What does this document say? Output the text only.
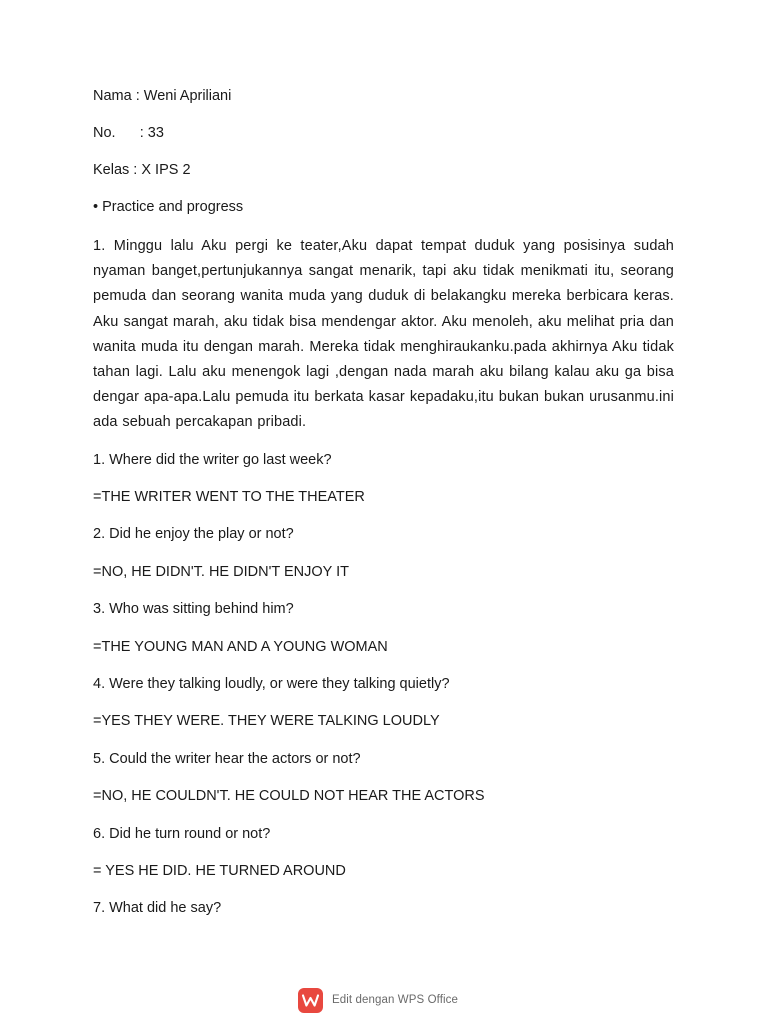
Nama : Weni Apriliani

No.      : 33

Kelas : X IPS 2

• Practice and progress

1. Minggu lalu Aku pergi ke teater,Aku dapat tempat duduk yang posisinya sudah nyaman banget,pertunjukannya sangat menarik, tapi aku tidak menikmati itu, seorang pemuda dan seorang wanita muda yang duduk di belakangku mereka berbicara keras. Aku sangat marah, aku tidak bisa mendengar aktor. Aku menoleh, aku melihat pria dan wanita muda itu dengan marah. Mereka tidak menghiraukanku.pada akhirnya Aku tidak tahan lagi. Lalu aku menengok lagi ,dengan nada marah aku bilang kalau aku ga bisa dengar apa-apa.Lalu pemuda itu berkata kasar kepadaku,itu bukan bukan urusanmu.ini ada sebuah percakapan pribadi.

1. Where did the writer go last week?

=THE WRITER WENT TO THE THEATER

2. Did he enjoy the play or not?

=NO, HE DIDN'T. HE DIDN'T ENJOY IT

3. Who was sitting behind him?

=THE YOUNG MAN AND A YOUNG WOMAN

4. Were they talking loudly, or were they talking quietly?

=YES THEY WERE. THEY WERE TALKING LOUDLY

5. Could the writer hear the actors or not?

=NO, HE COULDN'T. HE COULD NOT HEAR THE ACTORS

6. Did he turn round or not?

= YES HE DID. HE TURNED AROUND

7. What did he say?

Edit dengan WPS Office
